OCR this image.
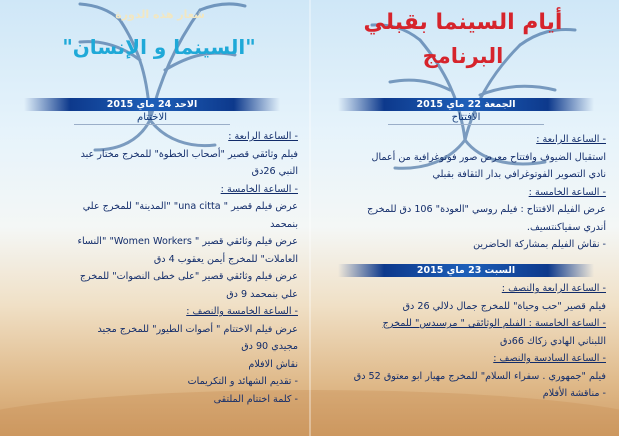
أيام السينما بقبلي
البرنامج
الجمعة 22 ماي 2015
الافتتاح
- الساعة الرابعة :
استقبال الضيوف وافتتاح معرض صور فوتوغرافية من أعمال
نادي التصوير الفوتوغرافي بدار الثقافة بقبلي
- الساعة الخامسة :
عرض الفيلم الافتتاح : فيلم روسي "العودة" 106 دق للمخرج
أندري سفياكنتسيف.
- نقاش الفيلم بمشاركة الحاضرين
السبت 23 ماي 2015
- الساعة الرابعة والنصف :
فيلم قصير "حب وحياة" للمخرج جمال دلالي 26 دق
- الساعة الخامسة : الفيلم الوثائقي " مرسيدس" للمخرج
اللبناني الهادي زكاك 66دق
- الساعة السادسة والنصف :
فيلم "جمهوري . سفراء السلام" للمخرج مهيار ابو معتوق 52 دق
- مناقشة الأفلام
شعار هذه الدورة
"السينما و الإنسان"
الاحد 24 ماي 2015
الاختتام
- الساعة الرابعة :
فيلم وثائقي قصير "أصحاب الخطوة" للمخرج مختار عبد
النبي 26دق
- الساعة الخامسة :
عرض فيلم قصير " una citta" "المدينة" للمخرج علي
بنمحمد
عرض فيلم وثائقي قصير " Women Workers" "النساء
العاملات" للمخرج أيمن يعقوب 4 دق
عرض فيلم وثائقي قصير "على خطى النصوات" للمخرج
علي بنمحمد 9 دق
- الساعة الخامسة والنصف :
عرض فيلم الاختتام " أصوات الطيور" للمخرج مجيد
مجيدي 90 دق
نقاش الافلام
- تقديم الشهائد و التكريمات
- كلمة اختتام الملتقى
